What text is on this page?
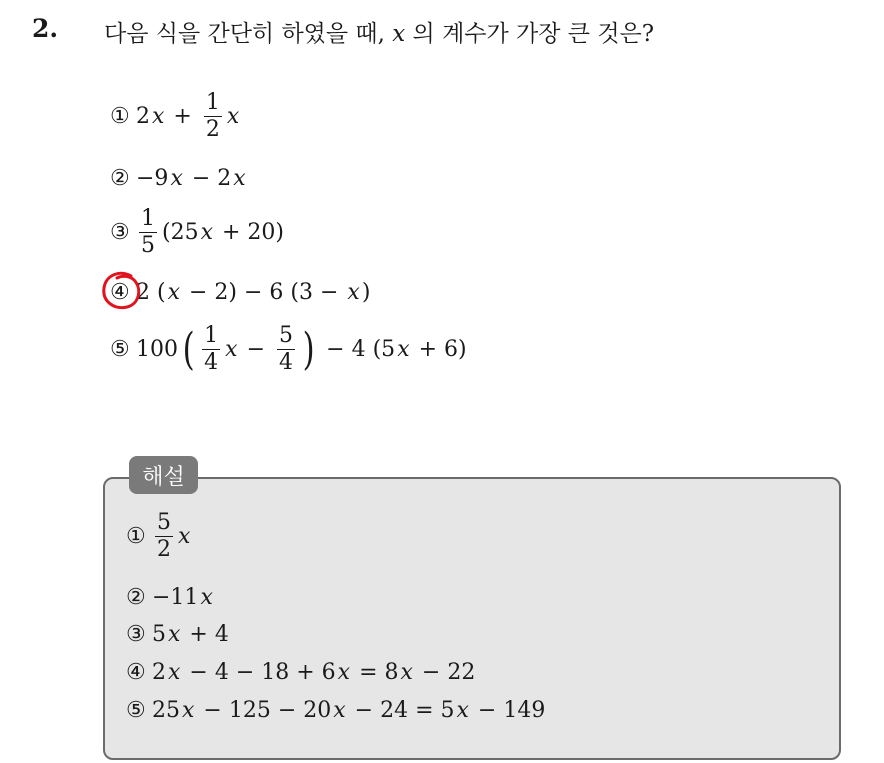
2. 다음 식을 간단히 하였을 때, x 의 계수가 가장 큰 것은?
① 2 $x + \frac{1}{2}$ x
② −9 x − 2 x
③ $\frac{1}{5} (25$ x + 20)
④ 2 ( x − 2) − 6 (3 − x )
⑤ 100 ( $\frac{1}{4}$ $x - \frac{5}{4}$ ) − 4 (5 x + 6)
해설
① $\frac{5}{2}$ x
② −11 x
③ 5 x + 4
④ 2 x − 4 − 18 + 6 x = 8 x − 22
⑤ 25 x − 125 − 20 x − 24 = 5 x − 149
